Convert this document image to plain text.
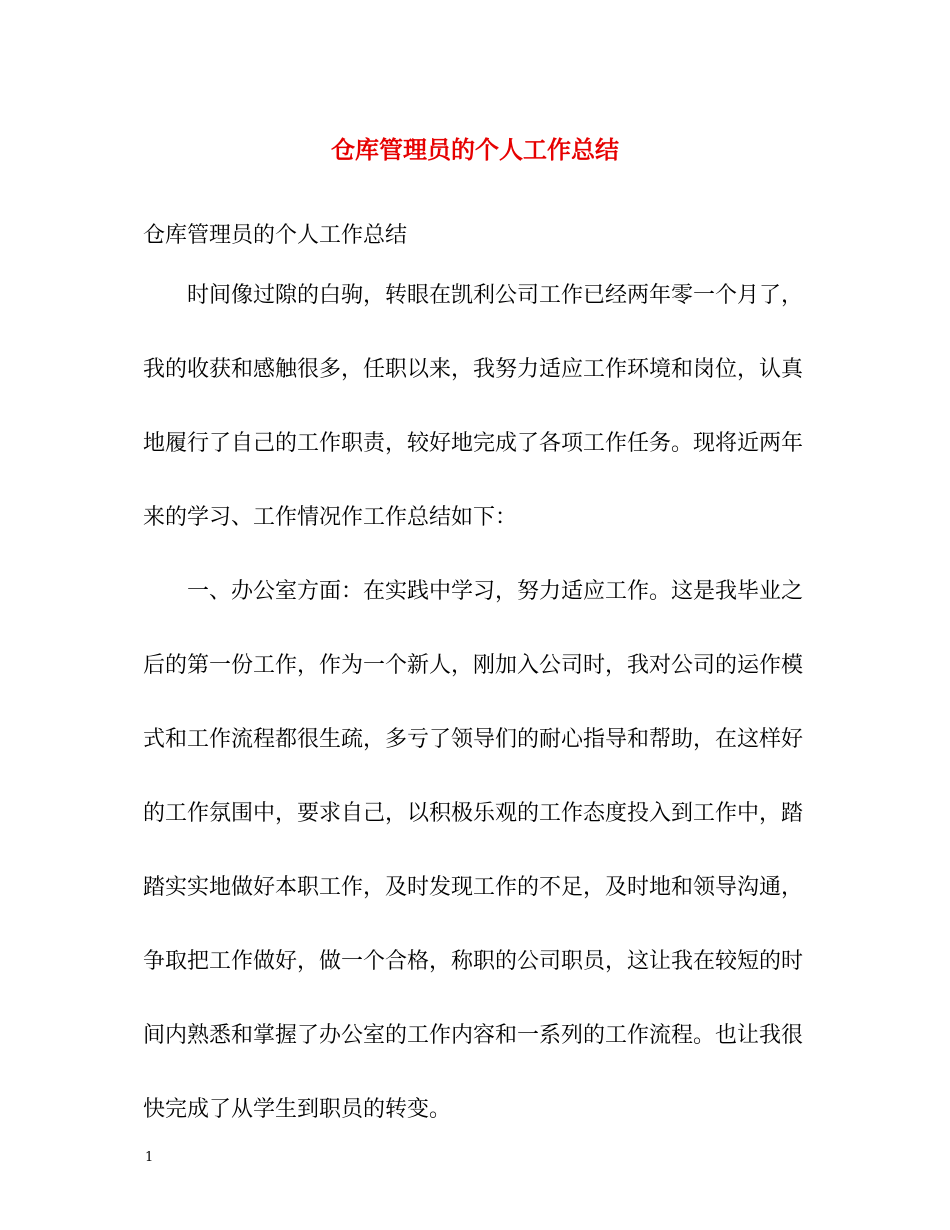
仓库管理员的个人工作总结

仓库管理员的个人工作总结

时间像过隙的白驹，转眼在凯利公司工作已经两年零一个月了，

我的收获和感触很多，任职以来，我努力适应工作环境和岗位，认真

地履行了自己的工作职责，较好地完成了各项工作任务。现将近两年

来的学习、工作情况作工作总结如下：

一、办公室方面：在实践中学习，努力适应工作。这是我毕业之

后的第一份工作，作为一个新人，刚加入公司时，我对公司的运作模

式和工作流程都很生疏，多亏了领导们的耐心指导和帮助，在这样好

的工作氛围中，要求自己，以积极乐观的工作态度投入到工作中，踏

踏实实地做好本职工作，及时发现工作的不足，及时地和领导沟通，

争取把工作做好，做一个合格，称职的公司职员，这让我在较短的时

间内熟悉和掌握了办公室的工作内容和一系列的工作流程。也让我很

快完成了从学生到职员的转变。

1
